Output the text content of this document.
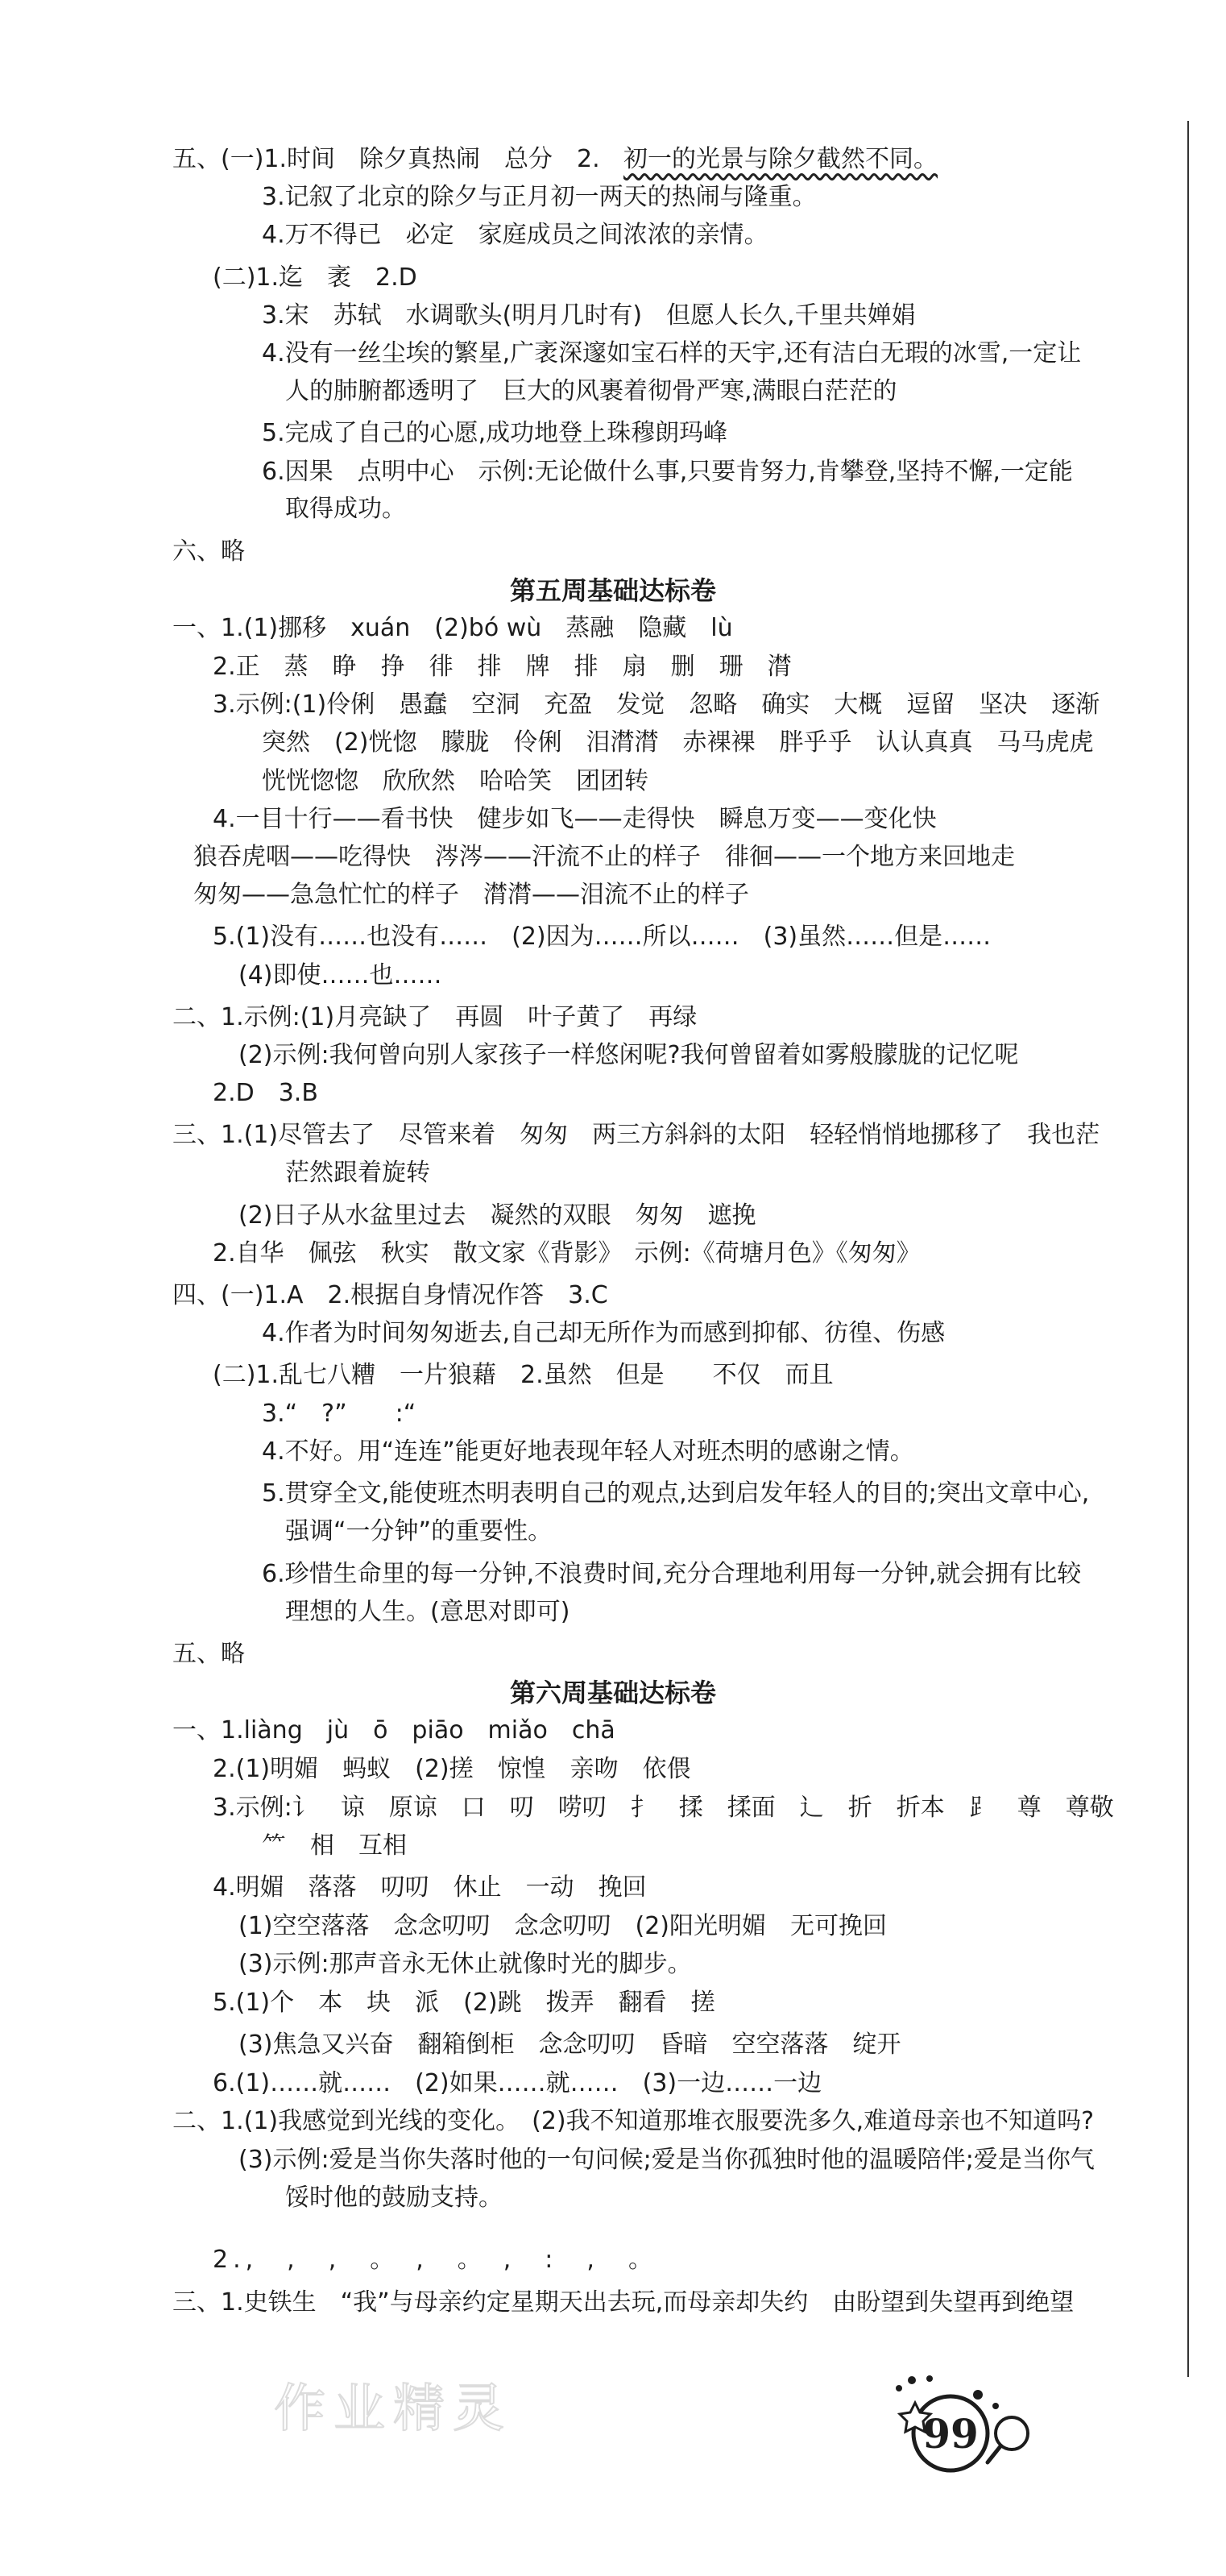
五、(一)1.时间　除夕真热闹　总分　2. 初一的光景与除夕截然不同。
3.记叙了北京的除夕与正月初一两天的热闹与隆重。
4.万不得已　必定　家庭成员之间浓浓的亲情。
(二)1.迄　袤　2.D
3.宋　苏轼　水调歌头(明月几时有)　但愿人长久,千里共婵娟
4.没有一丝尘埃的繁星,广袤深邃如宝石样的天宇,还有洁白无瑕的冰雪,一定让
人的肺腑都透明了　巨大的风裹着彻骨严寒,满眼白茫茫的
5.完成了自己的心愿,成功地登上珠穆朗玛峰
6.因果　点明中心　示例:无论做什么事,只要肯努力,肯攀登,坚持不懈,一定能
取得成功。
六、略
第五周基础达标卷
一、1.(1)挪移　xuán　(2)bó wù　蒸融　隐藏　lù
2.正　蒸　睁　挣　徘　排　牌　排　扇　删　珊　潸
3.示例:(1)伶俐　愚蠢　空洞　充盈　发觉　忽略　确实　大概　逗留　坚决　逐渐
突然　(2)恍惚　朦胧　伶俐　泪潸潸　赤裸裸　胖乎乎　认认真真　马马虎虎
恍恍惚惚　欣欣然　哈哈笑　团团转
4.一目十行——看书快　健步如飞——走得快　瞬息万变——变化快
狼吞虎咽——吃得快　涔涔——汗流不止的样子　徘徊——一个地方来回地走
匆匆——急急忙忙的样子　潸潸——泪流不止的样子
5.(1)没有……也没有……　(2)因为……所以……　(3)虽然……但是……
(4)即使……也……
二、1.示例:(1)月亮缺了　再圆　叶子黄了　再绿
(2)示例:我何曾向别人家孩子一样悠闲呢?我何曾留着如雾般朦胧的记忆呢
2.D　3.B
三、1.(1)尽管去了　尽管来着　匆匆　两三方斜斜的太阳　轻轻悄悄地挪移了　我也茫
茫然跟着旋转
(2)日子从水盆里过去　凝然的双眼　匆匆　遮挽
2.自华　佩弦　秋实　散文家《背影》　示例:《荷塘月色》《匆匆》
四、(一)1.A　2.根据自身情况作答　3.C
4.作者为时间匆匆逝去,自己却无所作为而感到抑郁、彷徨、伤感
(二)1.乱七八糟　一片狼藉　2.虽然　但是　　不仅　而且
3.“　?”　　:“
4.不好。用“连连”能更好地表现年轻人对班杰明的感谢之情。
5.贯穿全文,能使班杰明表明自己的观点,达到启发年轻人的目的;突出文章中心,
强调“一分钟”的重要性。
6.珍惜生命里的每一分钟,不浪费时间,充分合理地利用每一分钟,就会拥有比较
理想的人生。(意思对即可)
五、略
第六周基础达标卷
一、1.liàng　jù　ō　piāo　miǎo　chā
2.(1)明媚　蚂蚁　(2)搓　惊惶　亲吻　依偎
3.示例:讠　谅　原谅　口　叨　唠叨　扌　揉　揉面　辶　折　折本　⻊　尊　尊敬
⺮　相　互相
4.明媚　落落　叨叨　休止　一动　挽回
(1)空空落落　念念叨叨　念念叨叨　(2)阳光明媚　无可挽回
(3)示例:那声音永无休止就像时光的脚步。
5.(1)个　本　块　派　(2)跳　拨弄　翻看　搓
(3)焦急又兴奋　翻箱倒柜　念念叨叨　昏暗　空空落落　绽开
6.(1)……就……　(2)如果……就……　(3)一边……一边
二、1.(1)我感觉到光线的变化。　(2)我不知道那堆衣服要洗多久,难道母亲也不知道吗?
(3)示例:爱是当你失落时他的一句问候;爱是当你孤独时他的温暖陪伴;爱是当你气
馁时他的鼓励支持。
2.,　,　,　。　,　。　,　:　,　。
三、1.史铁生　“我”与母亲约定星期天出去玩,而母亲却失约　由盼望到失望再到绝望
作业精灵	99
